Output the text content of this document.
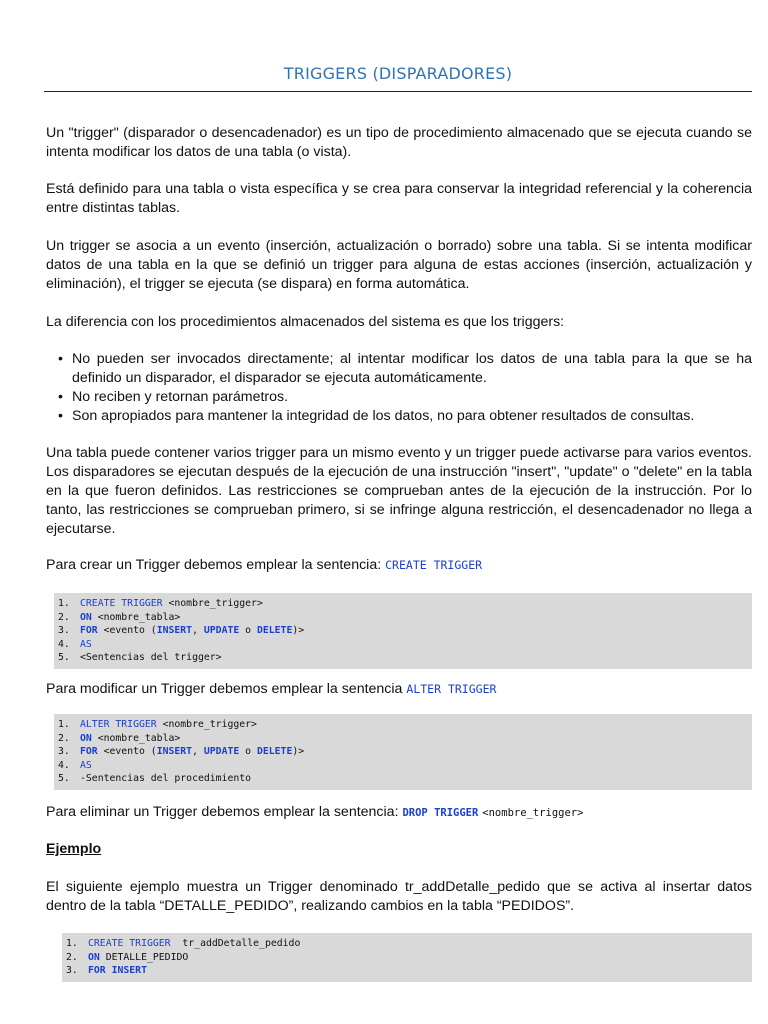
TRIGGERS (DISPARADORES)

Un "trigger" (disparador o desencadenador) es un tipo de procedimiento almacenado que se ejecuta cuando se intenta modificar los datos de una tabla (o vista).

Está definido para una tabla o vista específica y se crea para conservar la integridad referencial y la coherencia entre distintas tablas.

Un trigger se asocia a un evento (inserción, actualización o borrado) sobre una tabla. Si se intenta modificar datos de una tabla en la que se definió un trigger para alguna de estas acciones (inserción, actualización y eliminación), el trigger se ejecuta (se dispara) en forma automática.

La diferencia con los procedimientos almacenados del sistema es que los triggers:

• No pueden ser invocados directamente; al intentar modificar los datos de una tabla para la que se ha definido un disparador, el disparador se ejecuta automáticamente.
• No reciben y retornan parámetros.
• Son apropiados para mantener la integridad de los datos, no para obtener resultados de consultas.

Una tabla puede contener varios trigger para un mismo evento y un trigger puede activarse para varios eventos. Los disparadores se ejecutan después de la ejecución de una instrucción "insert", "update" o "delete" en la tabla en la que fueron definidos. Las restricciones se comprueban antes de la ejecución de la instrucción. Por lo tanto, las restricciones se comprueban primero, si se infringe alguna restricción, el desencadenador no llega a ejecutarse.

Para crear un Trigger debemos emplear la sentencia: CREATE TRIGGER

1. CREATE TRIGGER <nombre_trigger>
2. ON <nombre_tabla>
3. FOR <evento (INSERT, UPDATE o DELETE)>
4. AS
5. <Sentencias del trigger>

Para modificar un Trigger debemos emplear la sentencia ALTER TRIGGER

1. ALTER TRIGGER <nombre_trigger>
2. ON <nombre_tabla>
3. FOR <evento (INSERT, UPDATE o DELETE)>
4. AS
5. -Sentencias del procedimiento

Para eliminar un Trigger debemos emplear la sentencia: DROP TRIGGER <nombre_trigger>

Ejemplo

El siguiente ejemplo muestra un Trigger denominado tr_addDetalle_pedido que se activa al insertar datos dentro de la tabla “DETALLE_PEDIDO”, realizando cambios en la tabla “PEDIDOS”.

1. CREATE TRIGGER  tr_addDetalle_pedido
2. ON DETALLE_PEDIDO
3. FOR INSERT
